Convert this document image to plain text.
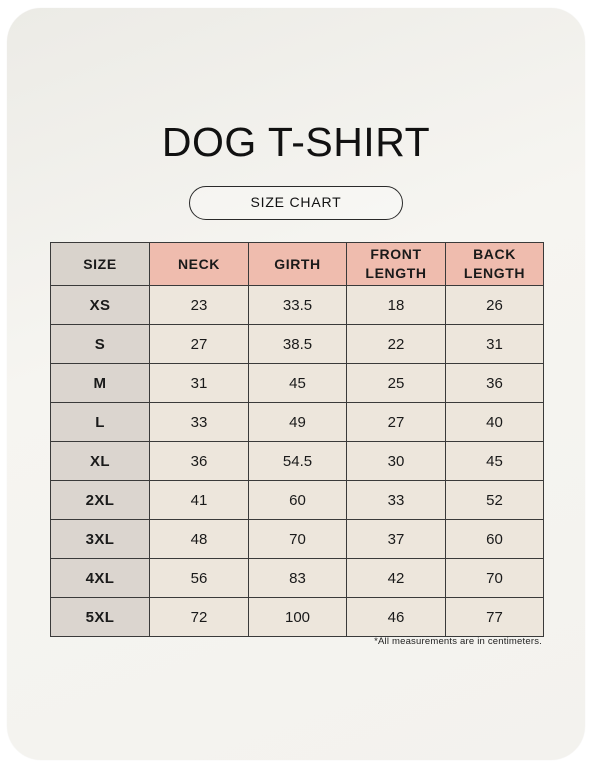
DOG T-SHIRT
SIZE CHART
SIZE	NECK	GIRTH	FRONT LENGTH	BACK LENGTH
XS	23	33.5	18	26
S	27	38.5	22	31
M	31	45	25	36
L	33	49	27	40
XL	36	54.5	30	45
2XL	41	60	33	52
3XL	48	70	37	60
4XL	56	83	42	70
5XL	72	100	46	77
*All measurements are in centimeters.
